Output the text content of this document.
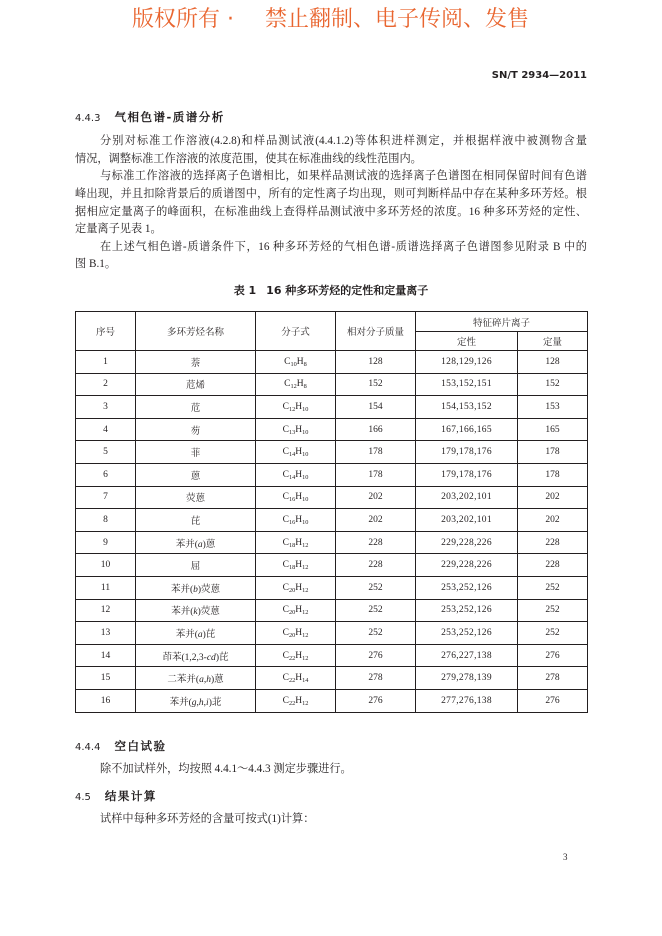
版权所有 · 禁止翻制、电子传阅、发售
SN/T 2934—2011
4.4.3 气相色谱-质谱分析
分别对标准工作溶液(4.2.8)和样品测试液(4.4.1.2)等体积进样测定，并根据样液中被测物含量
情况，调整标准工作溶液的浓度范围，使其在标准曲线的线性范围内。
与标准工作溶液的选择离子色谱相比，如果样品测试液的选择离子色谱图在相同保留时间有色谱
峰出现，并且扣除背景后的质谱图中，所有的定性离子均出现，则可判断样品中存在某种多环芳烃。根
据相应定量离子的峰面积，在标准曲线上查得样品测试液中多环芳烃的浓度。16 种多环芳烃的定性、
定量离子见表 1。
在上述气相色谱-质谱条件下，16 种多环芳烃的气相色谱-质谱选择离子色谱图参见附录 B 中的
图 B.1。
表 1 16 种多环芳烃的定性和定量离子
序号	多环芳烃名称	分子式	相对分子质量	特征碎片离子	
				定性	定量
1	萘	$C_{10}H_8$	128	128,129,126	128
2	苊烯	$C_{12}H_8$	152	153,152,151	152
3	苊	$C_{12}H_{10}$	154	154,153,152	153
4	芴	$C_{13}H_{10}$	166	167,166,165	165
5	菲	$C_{14}H_{10}$	178	179,178,176	178
6	蒽	$C_{14}H_{10}$	178	179,178,176	178
7	荧蒽	$C_{16}H_{10}$	202	203,202,101	202
8	芘	$C_{16}H_{10}$	202	203,202,101	202
9	苯并(a)蒽	$C_{18}H_{12}$	228	229,228,226	228
10	屈	$C_{18}H_{12}$	228	229,228,226	228
11	苯并(b)荧蒽	$C_{20}H_{12}$	252	253,252,126	252
12	苯并(k)荧蒽	$C_{20}H_{12}$	252	253,252,126	252
13	苯并(a)芘	$C_{20}H_{12}$	252	253,252,126	252
14	茚苯(1,2,3-cd)芘	$C_{22}H_{12}$	276	276,227,138	276
15	二苯并(a,h)蒽	$C_{22}H_{14}$	278	279,278,139	278
16	苯并(g,h,i)苝	$C_{22}H_{12}$	276	277,276,138	276
4.4.4 空白试验
除不加试样外，均按照 4.4.1～4.4.3 测定步骤进行。
4.5 结果计算
试样中每种多环芳烃的含量可按式(1)计算：
3
